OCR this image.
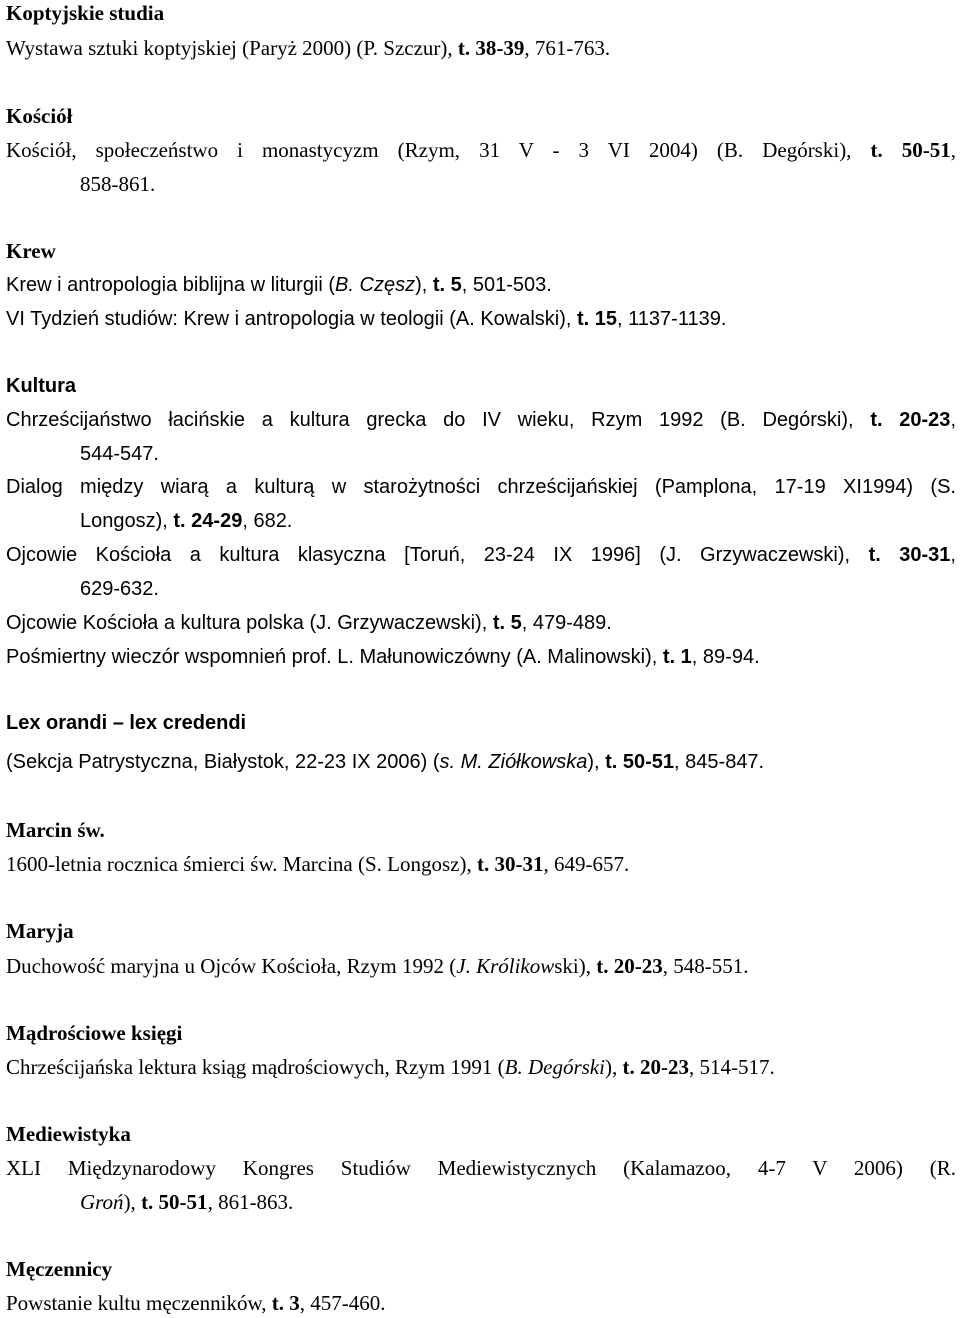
Koptyjskie studia
Wystawa sztuki koptyjskiej (Paryż 2000) (P. Szczur), t. 38-39, 761-763.
Kościół
Kościół, społeczeństwo i monastycyzm (Rzym, 31 V - 3 VI 2004) (B. Degórski), t. 50-51,
858-861.
Krew
Krew i antropologia biblijna w liturgii (B. Częsz), t. 5, 501-503.
VI Tydzień studiów: Krew i antropologia w teologii (A. Kowalski), t. 15, 1137-1139.
Kultura
Chrześcijaństwo łacińskie a kultura grecka do IV wieku, Rzym 1992 (B. Degórski), t. 20-23,
544-547.
Dialog między wiarą a kulturą w starożytności chrześcijańskiej (Pamplona, 17-19 XI1994) (S.
Longosz), t. 24-29, 682.
Ojcowie Kościoła a kultura klasyczna [Toruń, 23-24 IX 1996] (J. Grzywaczewski), t. 30-31,
629-632.
Ojcowie Kościoła a kultura polska (J. Grzywaczewski), t. 5, 479-489.
Pośmiertny wieczór wspomnień prof. L. Małunowiczówny (A. Malinowski), t. 1, 89-94.
Lex orandi – lex credendi
(Sekcja Patrystyczna, Białystok, 22-23 IX 2006) (s. M. Ziółkowska), t. 50-51, 845-847.
Marcin św.
1600-letnia rocznica śmierci św. Marcina (S. Longosz), t. 30-31, 649-657.
Maryja
Duchowość maryjna u Ojców Kościoła, Rzym 1992 (J. Królikowski), t. 20-23, 548-551.
Mądrościowe księgi
Chrześcijańska lektura ksiąg mądrościowych, Rzym 1991 (B. Degórski), t. 20-23, 514-517.
Mediewistyka
XLI Międzynarodowy Kongres Studiów Mediewistycznych (Kalamazoo, 4-7 V 2006) (R.
Groń), t. 50-51, 861-863.
Męczennicy
Powstanie kultu męczenników, t. 3, 457-460.
